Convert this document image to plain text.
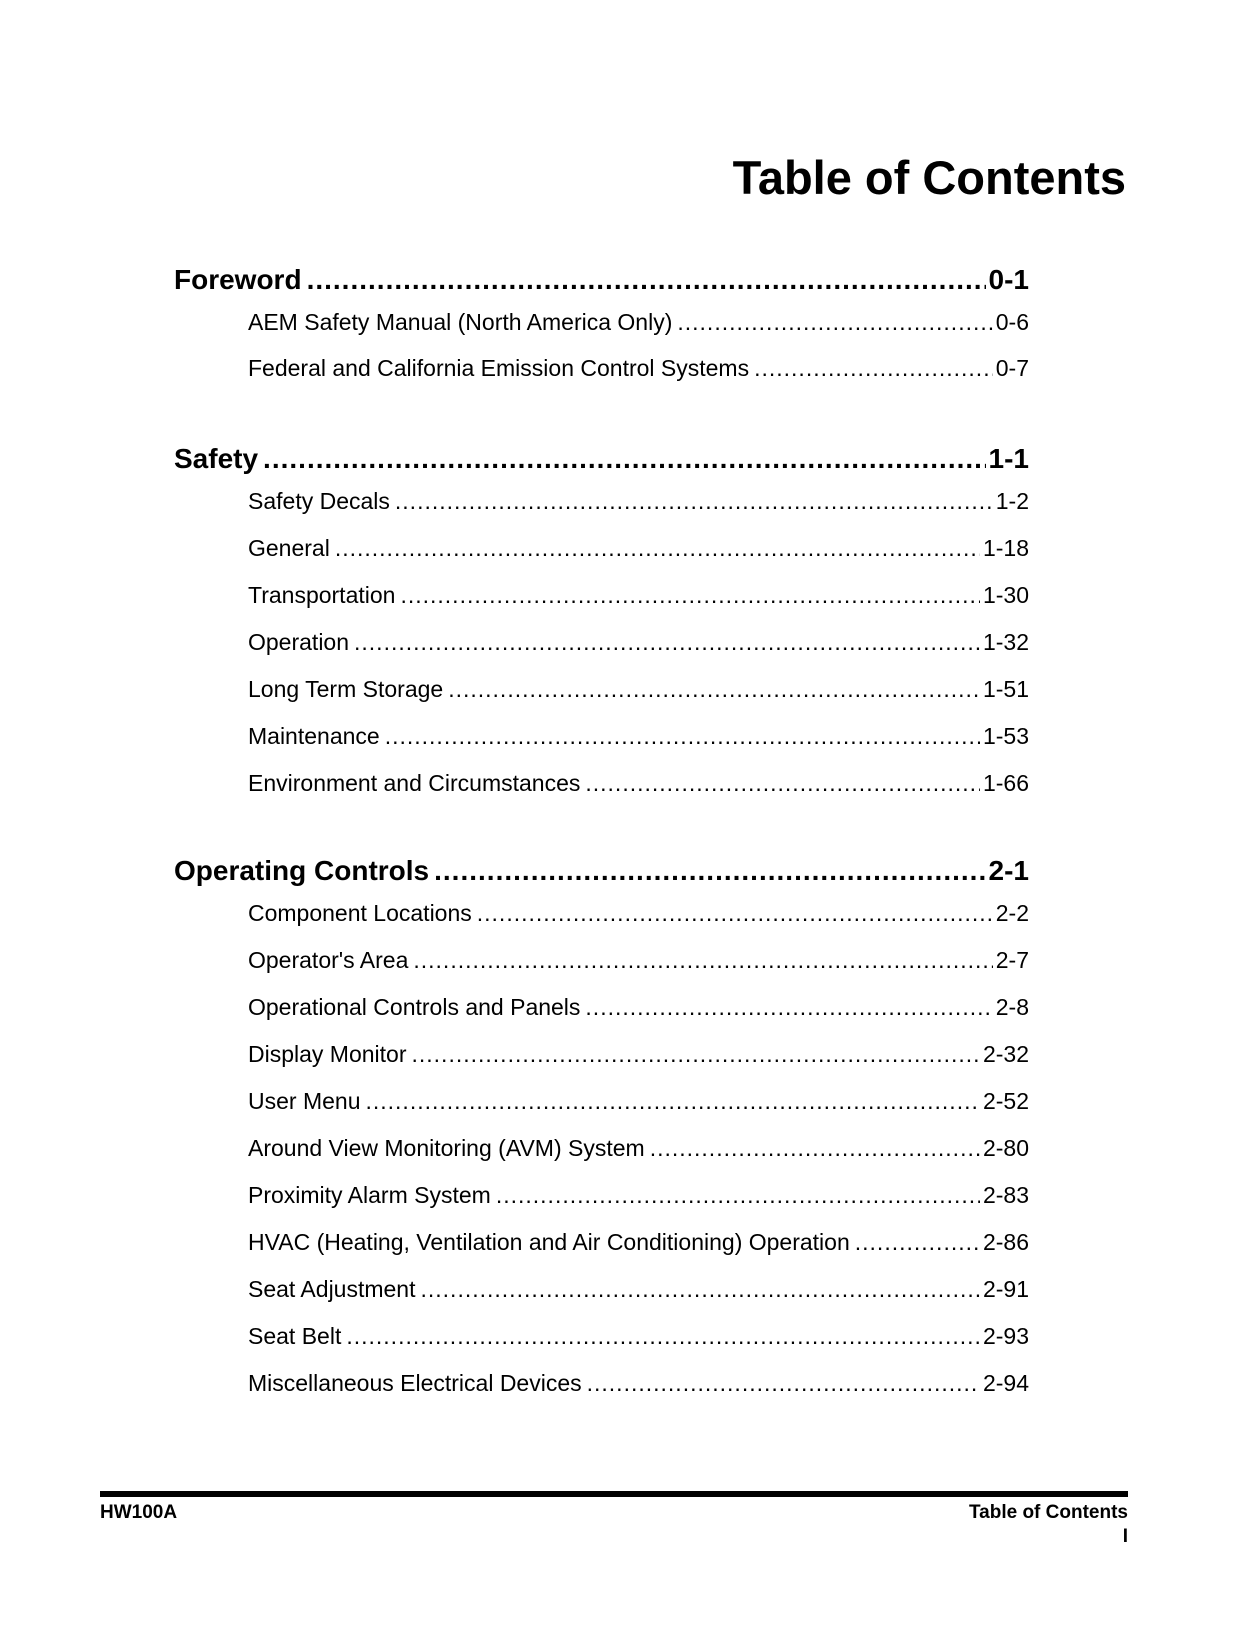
Table of Contents
Foreword .....	0-1
AEM Safety Manual (North America Only) .....	0-6
Federal and California Emission Control Systems .....	0-7
Safety .....	1-1
Safety Decals .....	1-2
General .....	1-18
Transportation .....	1-30
Operation .....	1-32
Long Term Storage .....	1-51
Maintenance .....	1-53
Environment and Circumstances .....	1-66
Operating Controls .....	2-1
Component Locations .....	2-2
Operator's Area .....	2-7
Operational Controls and Panels .....	2-8
Display Monitor .....	2-32
User Menu .....	2-52
Around View Monitoring (AVM) System .....	2-80
Proximity Alarm System .....	2-83
HVAC (Heating, Ventilation and Air Conditioning) Operation .....	2-86
Seat Adjustment .....	2-91
Seat Belt .....	2-93
Miscellaneous Electrical Devices .....	2-94
HW100A	Table of Contents
I
